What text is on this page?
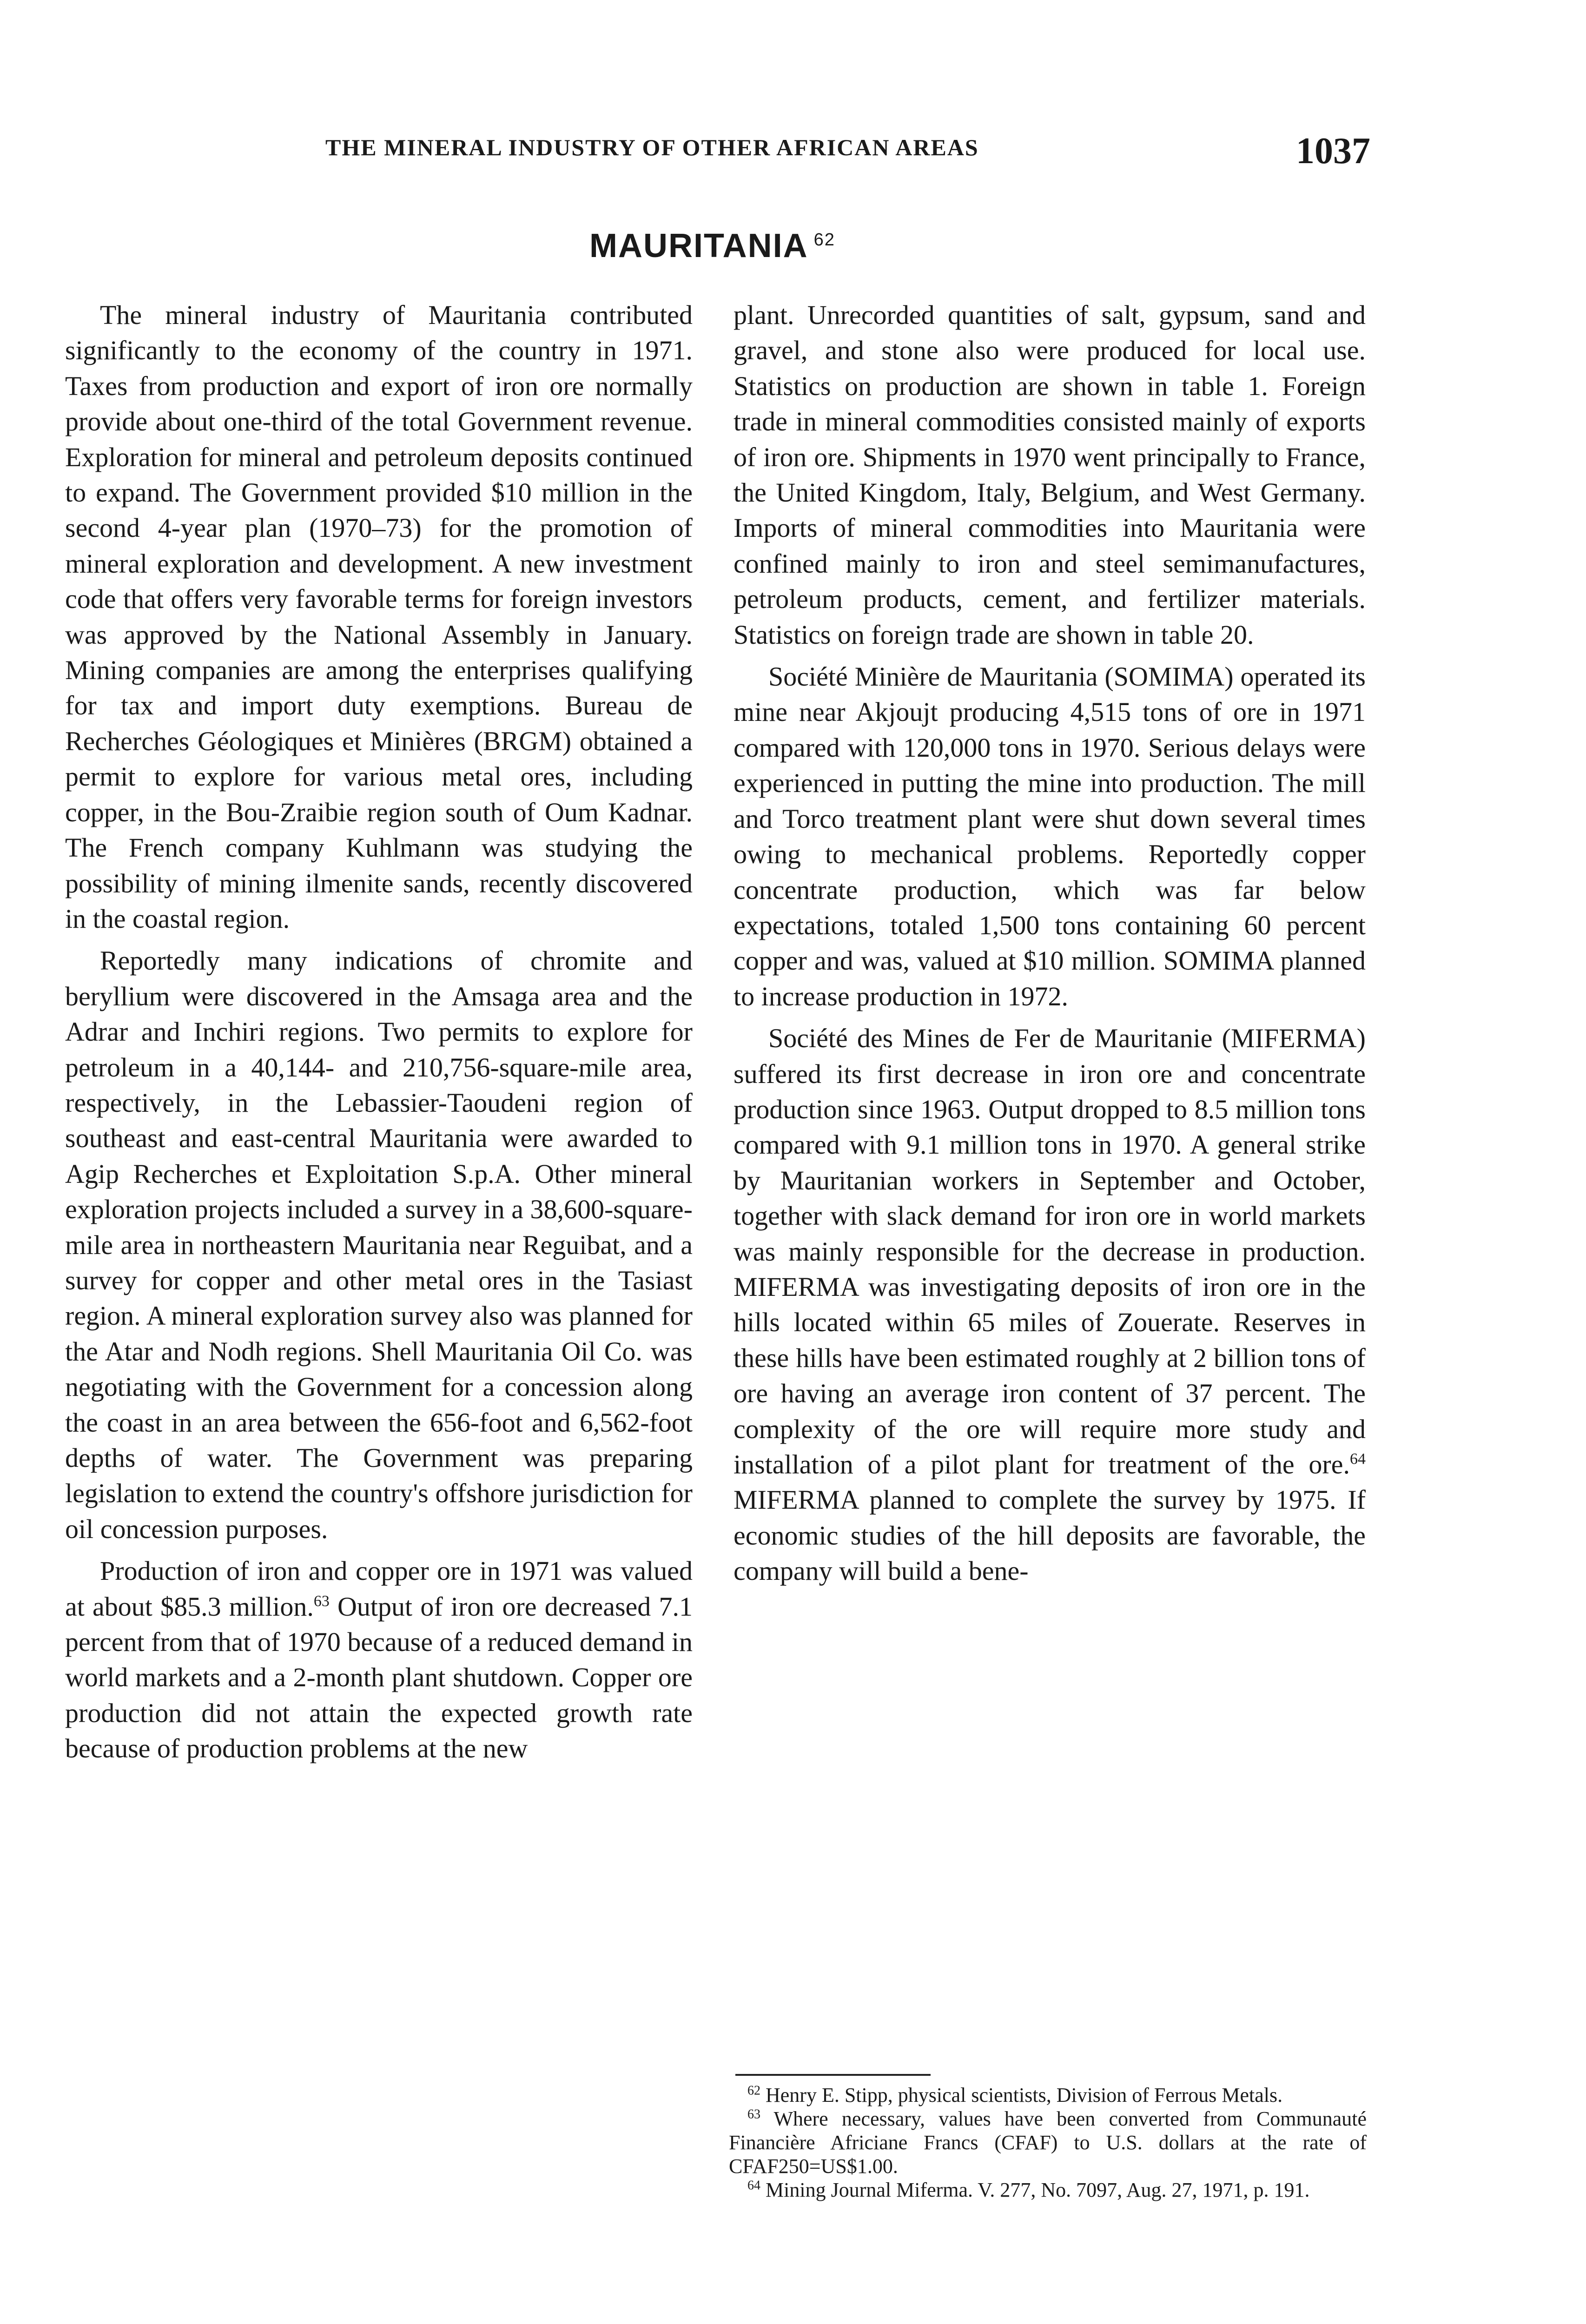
THE MINERAL INDUSTRY OF OTHER AFRICAN AREAS	1037
MAURITANIA $^{62}$

The mineral industry of Mauritania contributed significantly to the economy of the country in 1971. Taxes from production and export of iron ore normally provide about one-third of the total Government revenue. Exploration for mineral and petroleum deposits continued to expand. The Government provided $10 million in the second 4-year plan (1970–73) for the promotion of mineral exploration and development. A new investment code that offers very favorable terms for foreign investors was approved by the National Assembly in January. Mining companies are among the enterprises qualifying for tax and import duty exemptions. Bureau de Recherches Géologiques et Minières (BRGM) obtained a permit to explore for various metal ores, including copper, in the Bou-Zraibie region south of Oum Kadnar. The French company Kuhlmann was studying the possibility of mining ilmenite sands, recently discovered in the coastal region.

Reportedly many indications of chromite and beryllium were discovered in the Amsaga area and the Adrar and Inchiri regions. Two permits to explore for petroleum in a 40,144- and 210,756-square-mile area, respectively, in the Lebassier-Taoudeni region of southeast and east-central Mauritania were awarded to Agip Recherches et Exploitation S.p.A. Other mineral exploration projects included a survey in a 38,600-square-mile area in northeastern Mauritania near Reguibat, and a survey for copper and other metal ores in the Tasiast region. A mineral exploration survey also was planned for the Atar and Nodh regions. Shell Mauritania Oil Co. was negotiating with the Government for a concession along the coast in an area between the 656-foot and 6,562-foot depths of water. The Government was preparing legislation to extend the country's offshore jurisdiction for oil concession purposes.

Production of iron and copper ore in 1971 was valued at about $85.3 million.$^{63}$ Output of iron ore decreased 7.1 percent from that of 1970 because of a reduced demand in world markets and a 2-month plant shutdown. Copper ore production did not attain the expected growth rate because of production problems at the new

plant. Unrecorded quantities of salt, gypsum, sand and gravel, and stone also were produced for local use. Statistics on production are shown in table 1. Foreign trade in mineral commodities consisted mainly of exports of iron ore. Shipments in 1970 went principally to France, the United Kingdom, Italy, Belgium, and West Germany. Imports of mineral commodities into Mauritania were confined mainly to iron and steel semimanufactures, petroleum products, cement, and fertilizer materials. Statistics on foreign trade are shown in table 20.

Société Minière de Mauritania (SOMIMA) operated its mine near Akjoujt producing 4,515 tons of ore in 1971 compared with 120,000 tons in 1970. Serious delays were experienced in putting the mine into production. The mill and Torco treatment plant were shut down several times owing to mechanical problems. Reportedly copper concentrate production, which was far below expectations, totaled 1,500 tons containing 60 percent copper and was, valued at $10 million. SOMIMA planned to increase production in 1972.

Société des Mines de Fer de Mauritanie (MIFERMA) suffered its first decrease in iron ore and concentrate production since 1963. Output dropped to 8.5 million tons compared with 9.1 million tons in 1970. A general strike by Mauritanian workers in September and October, together with slack demand for iron ore in world markets was mainly responsible for the decrease in production. MIFERMA was investigating deposits of iron ore in the hills located within 65 miles of Zouerate. Reserves in these hills have been estimated roughly at 2 billion tons of ore having an average iron content of 37 percent. The complexity of the ore will require more study and installation of a pilot plant for treatment of the ore.$^{64}$ MIFERMA planned to complete the survey by 1975. If economic studies of the hill deposits are favorable, the company will build a bene-

$^{62}$ Henry E. Stipp, physical scientists, Division of Ferrous Metals.

$^{63}$ Where necessary, values have been converted from Communauté Financière Africiane Francs (CFAF) to U.S. dollars at the rate of CFAF250=US$1.00.

$^{64}$ Mining Journal Miferma. V. 277, No. 7097, Aug. 27, 1971, p. 191.
